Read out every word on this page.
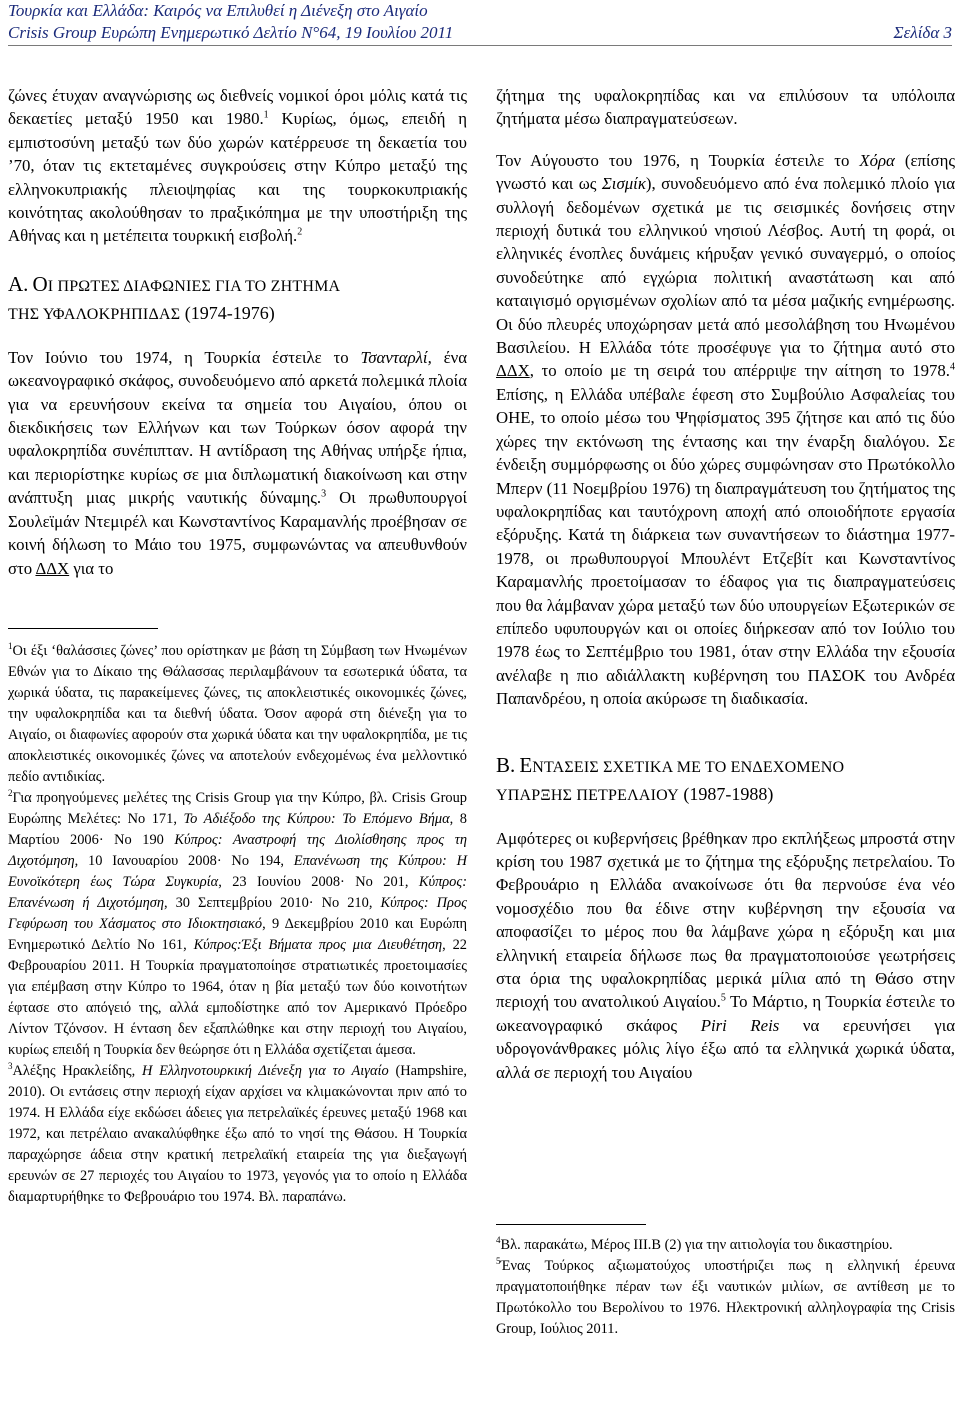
Τουρκία και Ελλάδα: Καιρός να Επιλυθεί η Διένεξη στο Αιγαίο
Crisis Group Ευρώπη Ενημερωτικό Δελτίο N°64, 19 Ιουλίου 2011	Σελίδα 3
ζώνες έτυχαν αναγνώρισης ως διεθνείς νομικοί όροι μόλις κατά τις δεκαετίες μεταξύ 1950 και 1980.$^1$ Κυρίως, όμως, επειδή η εμπιστοσύνη μεταξύ των δύο χωρών κατέρρευσε τη δεκαετία του ’70, όταν τις εκτεταμένες συγκρούσεις στην Κύπρο μεταξύ της ελληνοκυπριακής πλειοψηφίας και της τουρκοκυπριακής κοινότητας ακολούθησαν το πραξικόπημα με την υποστήριξη της Αθήνας και η μετέπειτα τουρκική εισβολή.$^2$
Α. ΟΙ ΠΡΩΤΕΣ ΔΙΑΦΩΝΙΕΣ ΓΙΑ ΤΟ ΖΗΤΗΜΑ
ΤΗΣ ΥΦΑΛΟΚΡΗΠΙΔΑΣ (1974-1976)
Τον Ιούνιο του 1974, η Τουρκία έστειλε το Τσανταρλί, ένα ωκεανογραφικό σκάφος, συνοδευόμενο από αρκετά πολεμικά πλοία για να ερευνήσουν εκείνα τα σημεία του Αιγαίου, όπου οι διεκδικήσεις των Ελλήνων και των Τούρκων όσον αφορά την υφαλοκρηπίδα συνέπιπταν. Η αντίδραση της Αθήνας υπήρξε ήπια, και περιορίστηκε κυρίως σε μια διπλωματική διακοίνωση και στην ανάπτυξη μιας μικρής ναυτικής δύναμης.$^3$ Οι πρωθυπουργοί Σουλεϊμάν Ντεμιρέλ και Κωνσταντίνος Καραμανλής προέβησαν σε κοινή δήλωση το Μάιο του 1975, συμφωνώντας να απευθυνθούν στο ΔΔΧ για το

$^1$Οι έξι ‘θαλάσσιες ζώνες’ που ορίστηκαν με βάση τη Σύμβαση των Ηνωμένων Εθνών για το Δίκαιο της Θάλασσας περιλαμβάνουν τα εσωτερικά ύδατα, τα χωρικά ύδατα, τις παρακείμενες ζώνες, τις αποκλειστικές οικονομικές ζώνες, την υφαλοκρηπίδα και τα διεθνή ύδατα. Όσον αφορά στη διένεξη για το Αιγαίο, οι διαφωνίες αφορούν στα χωρικά ύδατα και την υφαλοκρηπίδα, με τις αποκλειστικές οικονομικές ζώνες να αποτελούν ενδεχομένως ένα μελλοντικό πεδίο αντιδικίας.

$^2$Για προηγούμενες μελέτες της Crisis Group για την Κύπρο, βλ. Crisis Group Ευρώπης Μελέτες: No 171, Το Αδιέξοδο της Κύπρου: Το Επόμενο Βήμα, 8 Μαρτίου 2006· No 190 Κύπρος: Αναστροφή της Διολίσθησης προς τη Διχοτόμηση, 10 Ιανουαρίου 2008· No 194, Επανένωση της Κύπρου: Η Ευνοϊκότερη έως Τώρα Συγκυρία, 23 Ιουνίου 2008· No 201, Κύπρος: Επανένωση ή Διχοτόμηση, 30 Σεπτεμβρίου 2010· No 210, Κύπρος: Προς Γεφύρωση του Χάσματος στο Ιδιοκτησιακό, 9 Δεκεμβρίου 2010 και Ευρώπη Ενημερωτικό Δελτίο No 161, Κύπρος:Έξι Βήματα προς μια Διευθέτηση, 22 Φεβρουαρίου 2011. Η Τουρκία πραγματοποίησε στρατιωτικές προετοιμασίες για επέμβαση στην Κύπρο το 1964, όταν η βία μεταξύ των δύο κοινοτήτων έφτασε στο απόγειό της, αλλά εμποδίστηκε από τον Αμερικανό Πρόεδρο Λίντον Τζόνσον. Η ένταση δεν εξαπλώθηκε και στην περιοχή του Αιγαίου, κυρίως επειδή η Τουρκία δεν θεώρησε ότι η Ελλάδα σχετίζεται άμεσα.

$^3$Αλέξης Ηρακλείδης, Η Ελληνοτουρκική Διένεξη για το Αιγαίο (Hampshire, 2010). Οι εντάσεις στην περιοχή είχαν αρχίσει να κλιμακώνονται πριν από το 1974. Η Ελλάδα είχε εκδώσει άδειες για πετρελαϊκές έρευνες μεταξύ 1968 και 1972, και πετρέλαιο ανακαλύφθηκε έξω από το νησί της Θάσου. Η Τουρκία παραχώρησε άδεια στην κρατική πετρελαϊκή εταιρεία της για διεξαγωγή ερευνών σε 27 περιοχές του Αιγαίου το 1973, γεγονός για το οποίο η Ελλάδα διαμαρτυρήθηκε το Φεβρουάριο του 1974. Βλ. παραπάνω.

ζήτημα της υφαλοκρηπίδας και να επιλύσουν τα υπόλοιπα ζητήματα μέσω διαπραγματεύσεων.
Τον Αύγουστο του 1976, η Τουρκία έστειλε το Χόρα (επίσης γνωστό και ως Σισμίκ), συνοδευόμενο από ένα πολεμικό πλοίο για συλλογή δεδομένων σχετικά με τις σεισμικές δονήσεις στην περιοχή δυτικά του ελληνικού νησιού Λέσβος. Αυτή τη φορά, οι ελληνικές ένοπλες δυνάμεις κήρυξαν γενικό συναγερμό, ο οποίος συνοδεύτηκε από εγχώρια πολιτική αναστάτωση και από καταιγισμό οργισμένων σχολίων από τα μέσα μαζικής ενημέρωσης. Οι δύο πλευρές υποχώρησαν μετά από μεσολάβηση του Ηνωμένου Βασιλείου. Η Ελλάδα τότε προσέφυγε για το ζήτημα αυτό στο ΔΔΧ, το οποίο με τη σειρά του απέρριψε την αίτηση το 1978.$^4$ Επίσης, η Ελλάδα υπέβαλε έφεση στο Συμβούλιο Ασφαλείας του ΟΗΕ, το οποίο μέσω του Ψηφίσματος 395 ζήτησε και από τις δύο χώρες την εκτόνωση της έντασης και την έναρξη διαλόγου. Σε ένδειξη συμμόρφωσης οι δύο χώρες συμφώνησαν στο Πρωτόκολλο Μπερν (11 Νοεμβρίου 1976) τη διαπραγμάτευση του ζητήματος της υφαλοκρηπίδας και ταυτόχρονη αποχή από οποιοδήποτε εργασία εξόρυξης. Κατά τη διάρκεια των συναντήσεων το διάστημα 1977-1978, οι πρωθυπουργοί Μπουλέντ Ετζεβίτ και Κωνσταντίνος Καραμανλής προετοίμασαν το έδαφος για τις διαπραγματεύσεις που θα λάμβαναν χώρα μεταξύ των δύο υπουργείων Εξωτερικών σε επίπεδο υφυπουργών και οι οποίες διήρκεσαν από τον Ιούλιο του 1978 έως το Σεπτέμβριο του 1981, όταν στην Ελλάδα την εξουσία ανέλαβε η πιο αδιάλλακτη κυβέρνηση του ΠΑΣΟΚ του Ανδρέα Παπανδρέου, η οποία ακύρωσε τη διαδικασία.
Β. ΕΝΤΑΣΕΙΣ ΣΧΕΤΙΚΑ ΜΕ ΤΟ ΕΝΔΕΧΟΜΕΝΟ
ΥΠΑΡΞΗΣ ΠΕΤΡΕΛΑΙΟΥ (1987-1988)
Αμφότερες οι κυβερνήσεις βρέθηκαν προ εκπλήξεως μπροστά στην κρίση του 1987 σχετικά με το ζήτημα της εξόρυξης πετρελαίου. Το Φεβρουάριο η Ελλάδα ανακοίνωσε ότι θα περνούσε ένα νέο νομοσχέδιο που θα έδινε στην κυβέρνηση την εξουσία να αποφασίζει το μέρος που θα λάμβανε χώρα η εξόρυξη και μια ελληνική εταιρεία δήλωσε πως θα πραγματοποιούσε γεωτρήσεις στα όρια της υφαλοκρηπίδας μερικά μίλια από τη Θάσο στην περιοχή του ανατολικού Αιγαίου.$^5$ Το Μάρτιο, η Τουρκία έστειλε το ωκεανογραφικό σκάφος Piri Reis να ερευνήσει για υδρογονάνθρακες μόλις λίγο έξω από τα ελληνικά χωρικά ύδατα, αλλά σε περιοχή του Αιγαίου

$^4$Βλ. παρακάτω, Μέρος ΙΙΙ.Β (2) για την αιτιολογία του δικαστηρίου.

$^5$Ένας Τούρκος αξιωματούχος υποστήριζει πως η ελληνική έρευνα πραγματοποιήθηκε πέραν των έξι ναυτικών μιλίων, σε αντίθεση με το Πρωτόκολλο του Βερολίνου το 1976. Ηλεκτρονική αλληλογραφία της Crisis Group, Ιούλιος 2011.
